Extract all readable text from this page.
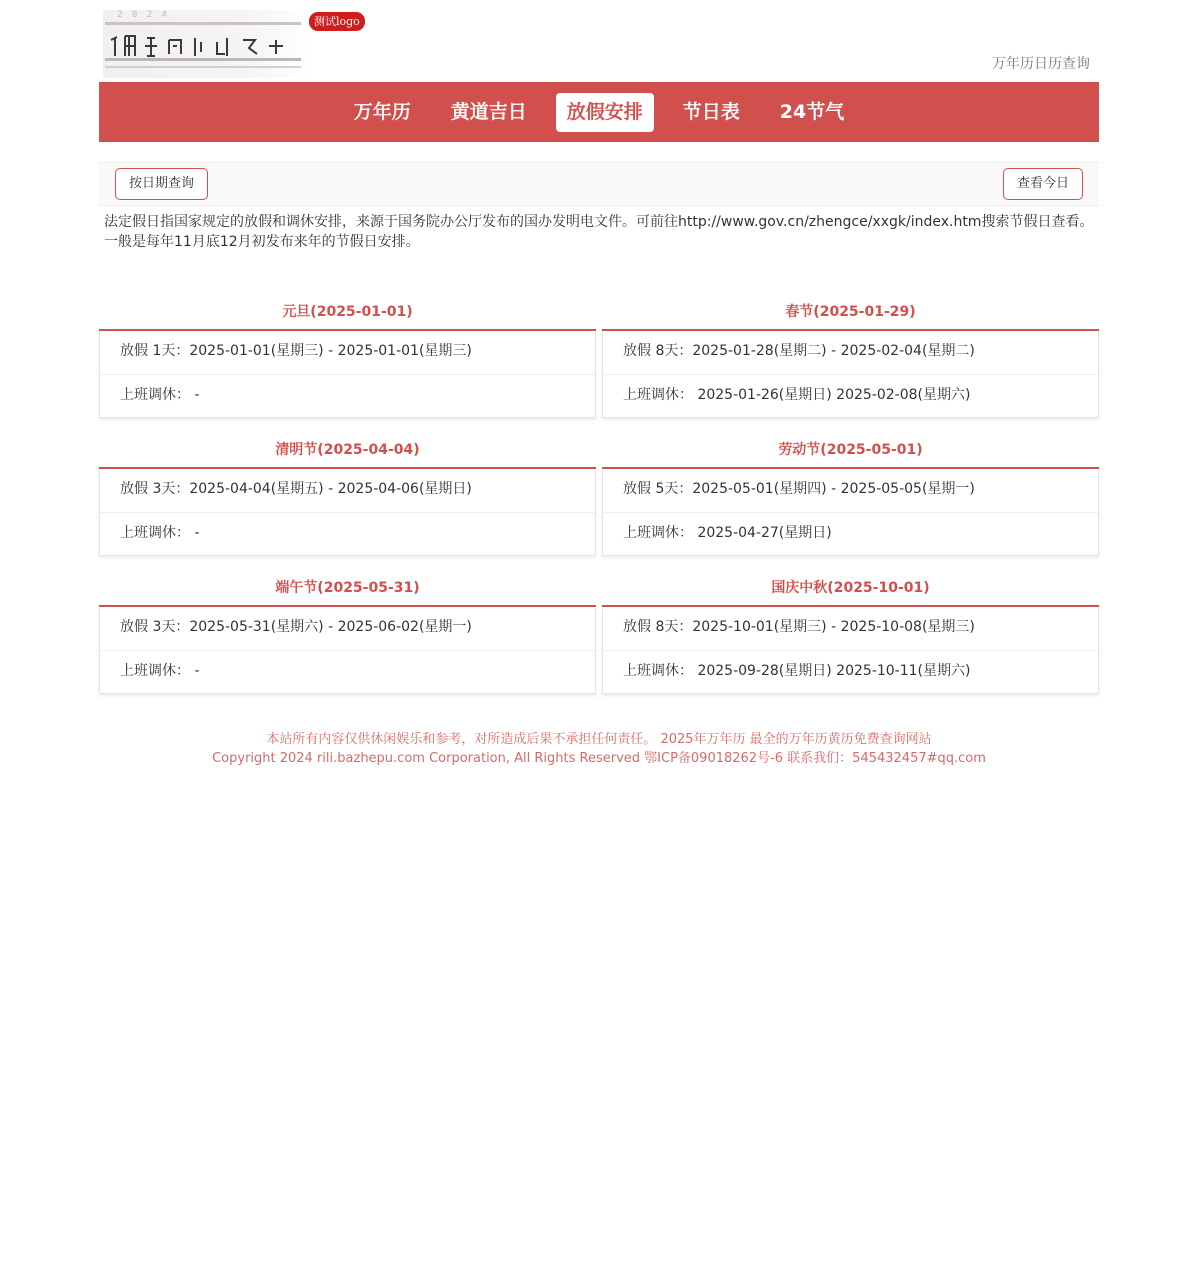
2 0 2 4	测试logo
万年历日历查询
万年历	黄道吉日	放假安排	节日表	24节气
按日期查询	查看今日

法定假日指国家规定的放假和调休安排，来源于国务院办公厅发布的国办发明电文件。可前往http://www.gov.cn/zhengce/xxgk/index.htm搜索节假日查看。一般是每年11月底12月初发布来年的节假日安排。

元旦(2025-01-01)
放假 1天：2025-01-01(星期三) - 2025-01-01(星期三)
上班调休： -
春节(2025-01-29)
放假 8天：2025-01-28(星期二) - 2025-02-04(星期二)
上班调休： 2025-01-26(星期日) 2025-02-08(星期六)
清明节(2025-04-04)
放假 3天：2025-04-04(星期五) - 2025-04-06(星期日)
上班调休： -
劳动节(2025-05-01)
放假 5天：2025-05-01(星期四) - 2025-05-05(星期一)
上班调休： 2025-04-27(星期日)
端午节(2025-05-31)
放假 3天：2025-05-31(星期六) - 2025-06-02(星期一)
上班调休： -
国庆中秋(2025-10-01)
放假 8天：2025-10-01(星期三) - 2025-10-08(星期三)
上班调休： 2025-09-28(星期日) 2025-10-11(星期六)
本站所有内容仅供休闲娱乐和参考，对所造成后果不承担任何责任。 2025年万年历 最全的万年历黄历免费查询网站
Copyright 2024 rili.bazhepu.com Corporation, All Rights Reserved 鄂ICP备09018262号-6 联系我们：545432457#qq.com
